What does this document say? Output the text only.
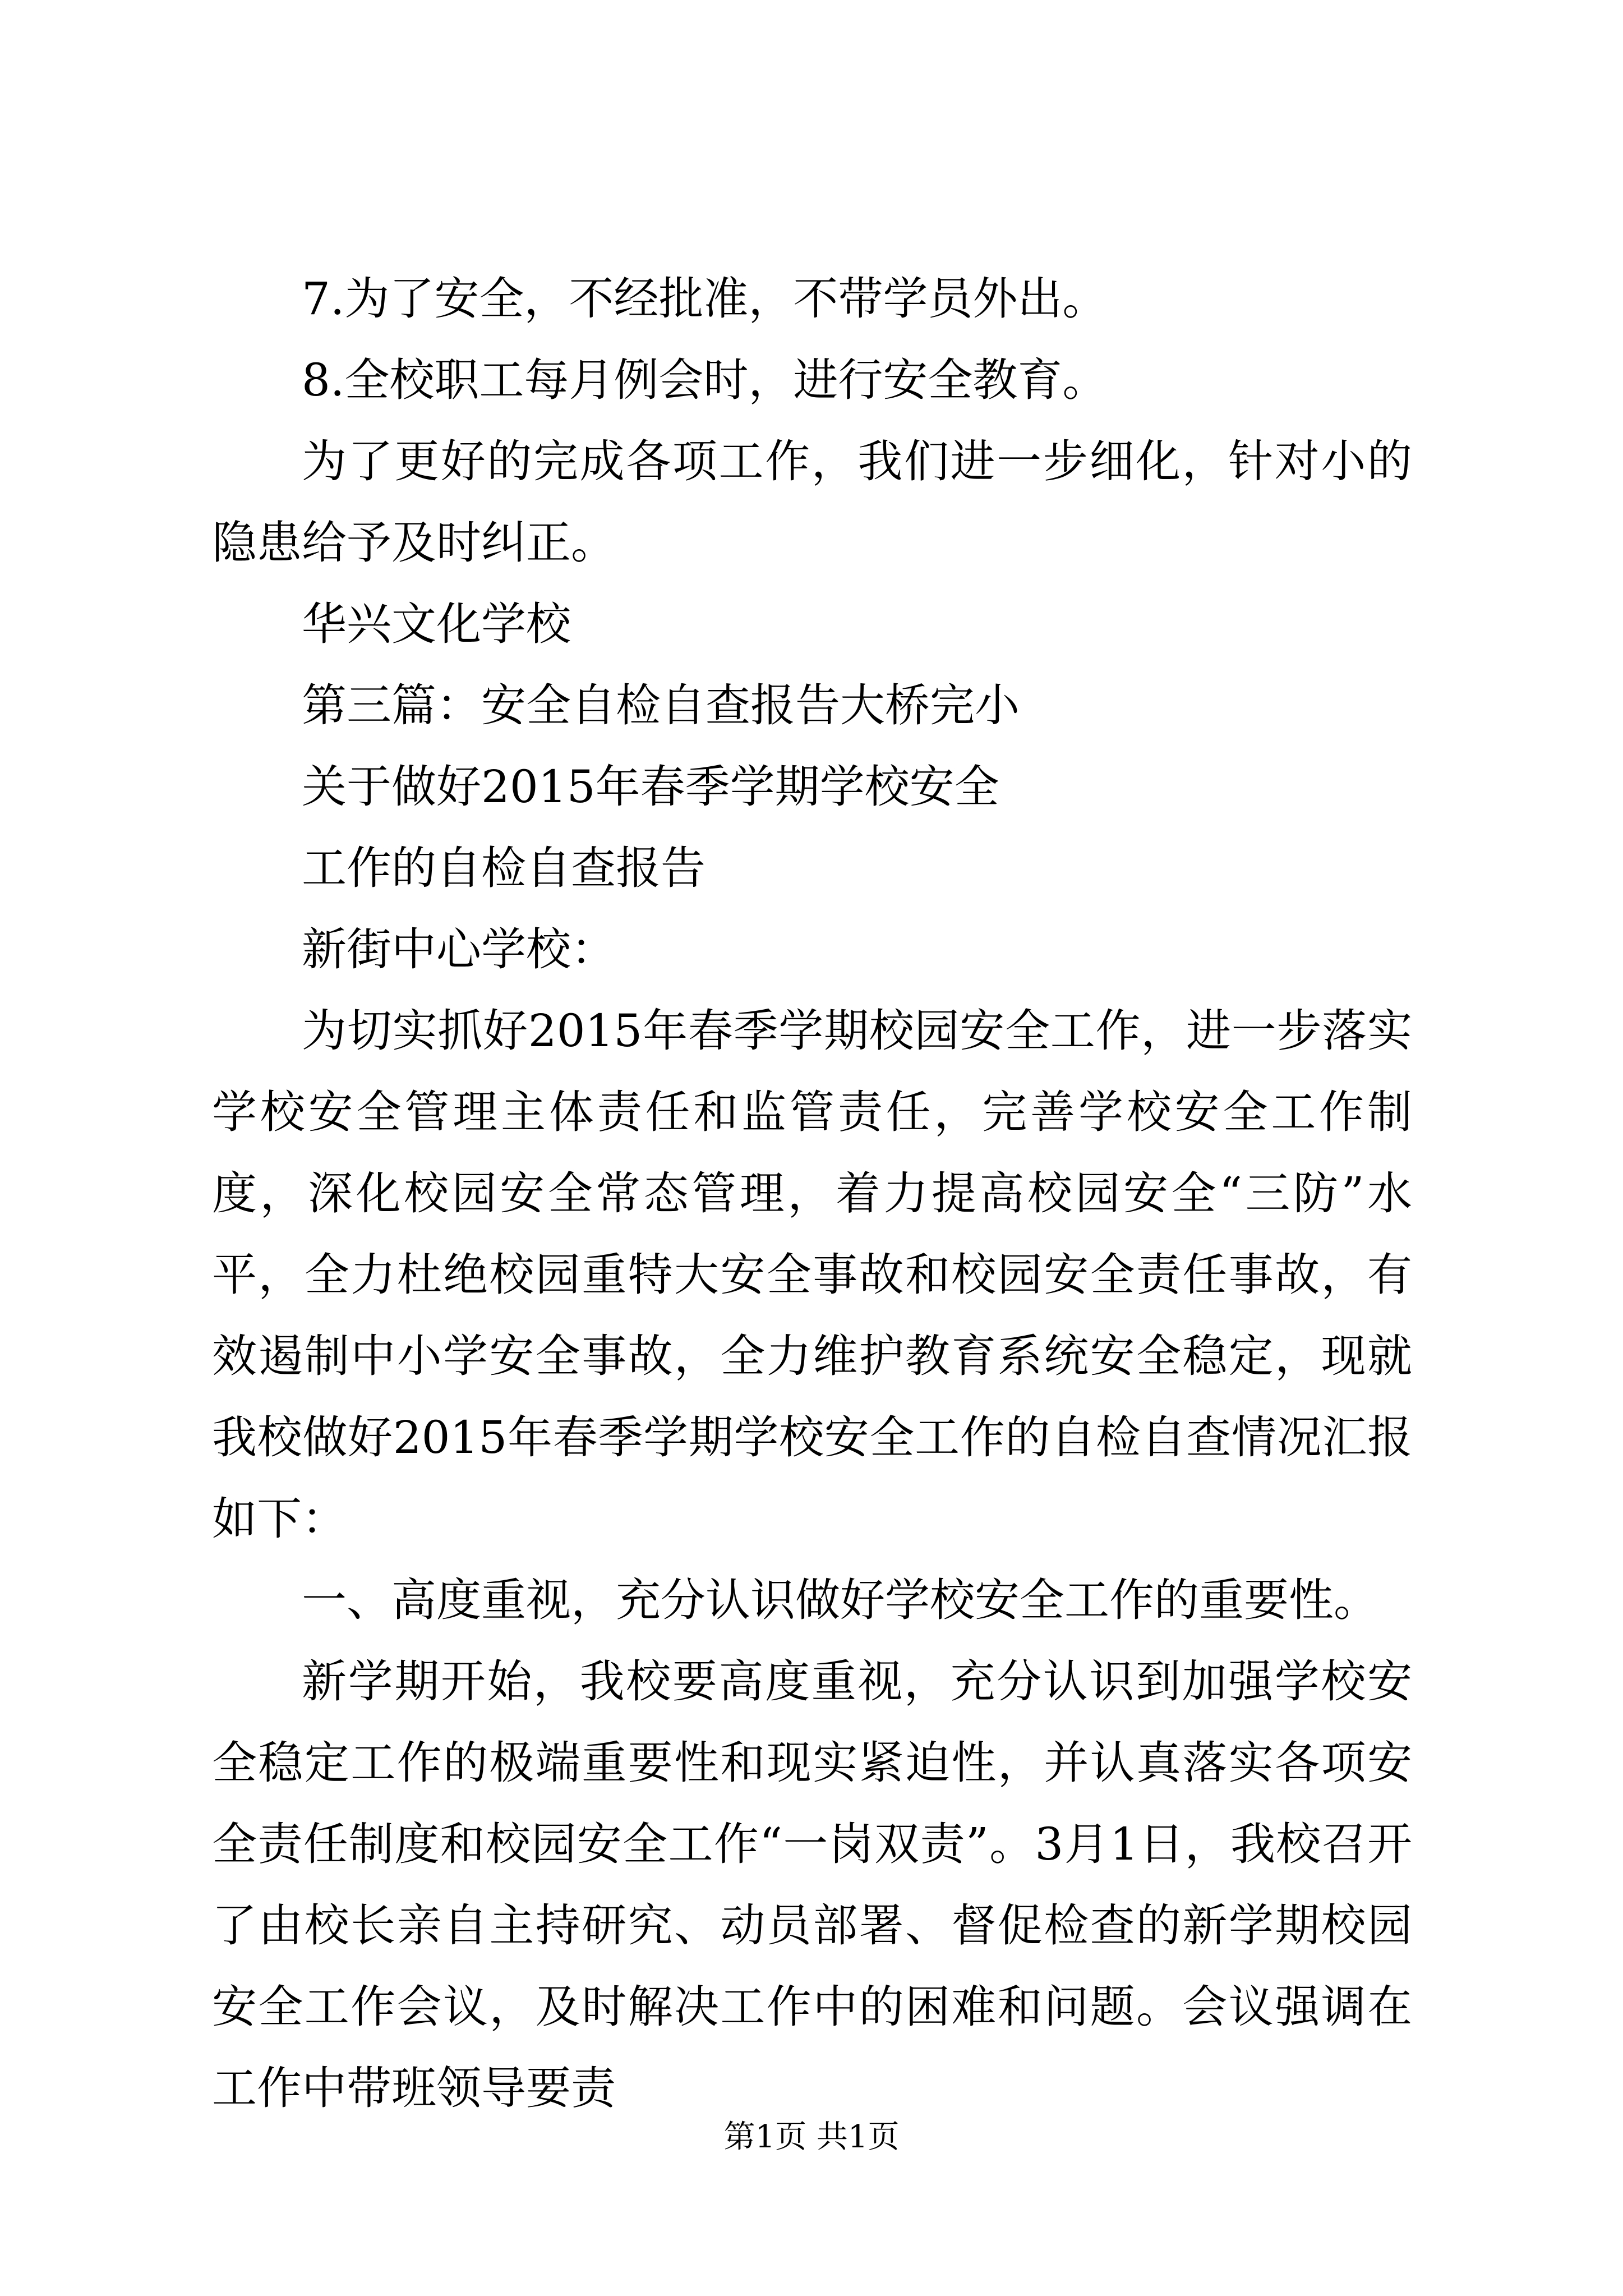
7.为了安全，不经批准，不带学员外出。

8.全校职工每月例会时，进行安全教育。

为了更好的完成各项工作，我们进一步细化，针对小的隐患给予及时纠正。

华兴文化学校

第三篇：安全自检自查报告大桥完小

关于做好2015年春季学期学校安全

工作的自检自查报告

新街中心学校：

为切实抓好2015年春季学期校园安全工作，进一步落实学校安全管理主体责任和监管责任，完善学校安全工作制度，深化校园安全常态管理，着力提高校园安全“三防”水平，全力杜绝校园重特大安全事故和校园安全责任事故，有效遏制中小学安全事故，全力维护教育系统安全稳定，现就我校做好2015年春季学期学校安全工作的自检自查情况汇报如下：

一、高度重视，充分认识做好学校安全工作的重要性。

新学期开始，我校要高度重视，充分认识到加强学校安全稳定工作的极端重要性和现实紧迫性，并认真落实各项安全责任制度和校园安全工作“一岗双责”。3月1日，我校召开了由校长亲自主持研究、动员部署、督促检查的新学期校园安全工作会议，及时解决工作中的困难和问题。会议强调在工作中带班领导要责

第1页 共1页
